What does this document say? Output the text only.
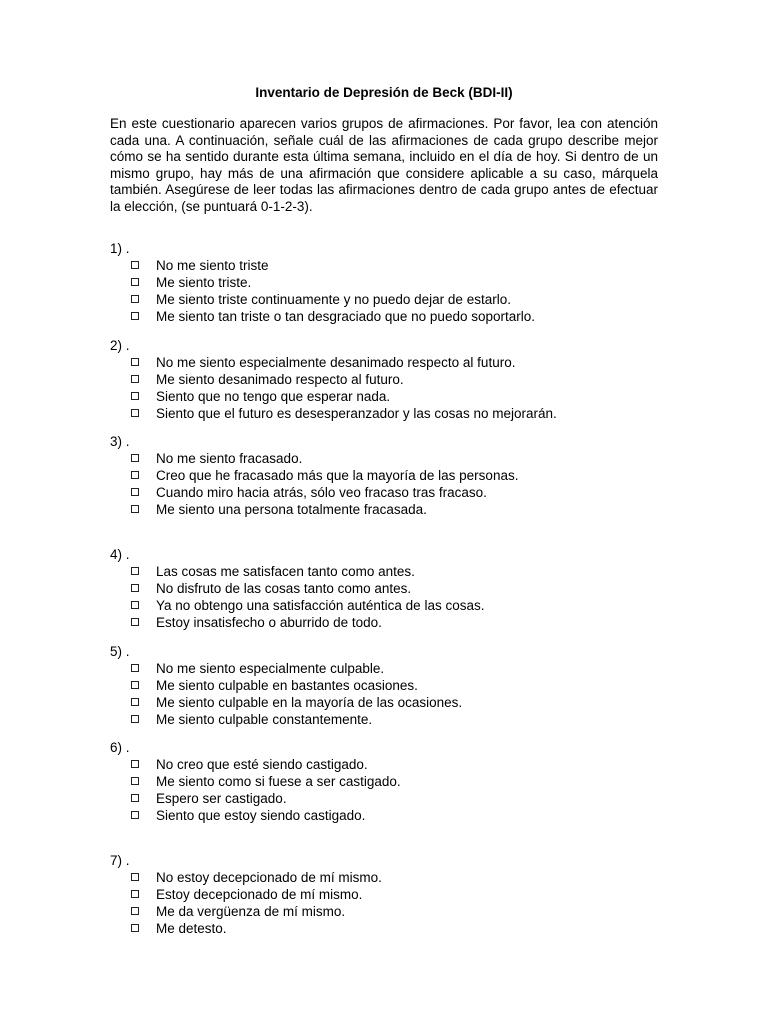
Inventario de Depresión de Beck (BDI-II)
En este cuestionario aparecen varios grupos de afirmaciones. Por favor, lea con atención cada una. A continuación, señale cuál de las afirmaciones de cada grupo describe mejor cómo se ha sentido durante esta última semana, incluido en el día de hoy. Si dentro de un mismo grupo, hay más de una afirmación que considere aplicable a su caso, márquela también. Asegúrese de leer todas las afirmaciones dentro de cada grupo antes de efectuar la elección, (se puntuará 0-1-2-3).
1) .
No me siento triste
Me siento triste.
Me siento triste continuamente y no puedo dejar de estarlo.
Me siento tan triste o tan desgraciado que no puedo soportarlo.
2) .
No me siento especialmente desanimado respecto al futuro.
Me siento desanimado respecto al futuro.
Siento que no tengo que esperar nada.
Siento que el futuro es desesperanzador y las cosas no mejorarán.
3) .
No me siento fracasado.
Creo que he fracasado más que la mayoría de las personas.
Cuando miro hacia atrás, sólo veo fracaso tras fracaso.
Me siento una persona totalmente fracasada.
4) .
Las cosas me satisfacen tanto como antes.
No disfruto de las cosas tanto como antes.
Ya no obtengo una satisfacción auténtica de las cosas.
Estoy insatisfecho o aburrido de todo.
5) .
No me siento especialmente culpable.
Me siento culpable en bastantes ocasiones.
Me siento culpable en la mayoría de las ocasiones.
Me siento culpable constantemente.
6) .
No creo que esté siendo castigado.
Me siento como si fuese a ser castigado.
Espero ser castigado.
Siento que estoy siendo castigado.
7) .
No estoy decepcionado de mí mismo.
Estoy decepcionado de mí mismo.
Me da vergüenza de mí mismo.
Me detesto.
